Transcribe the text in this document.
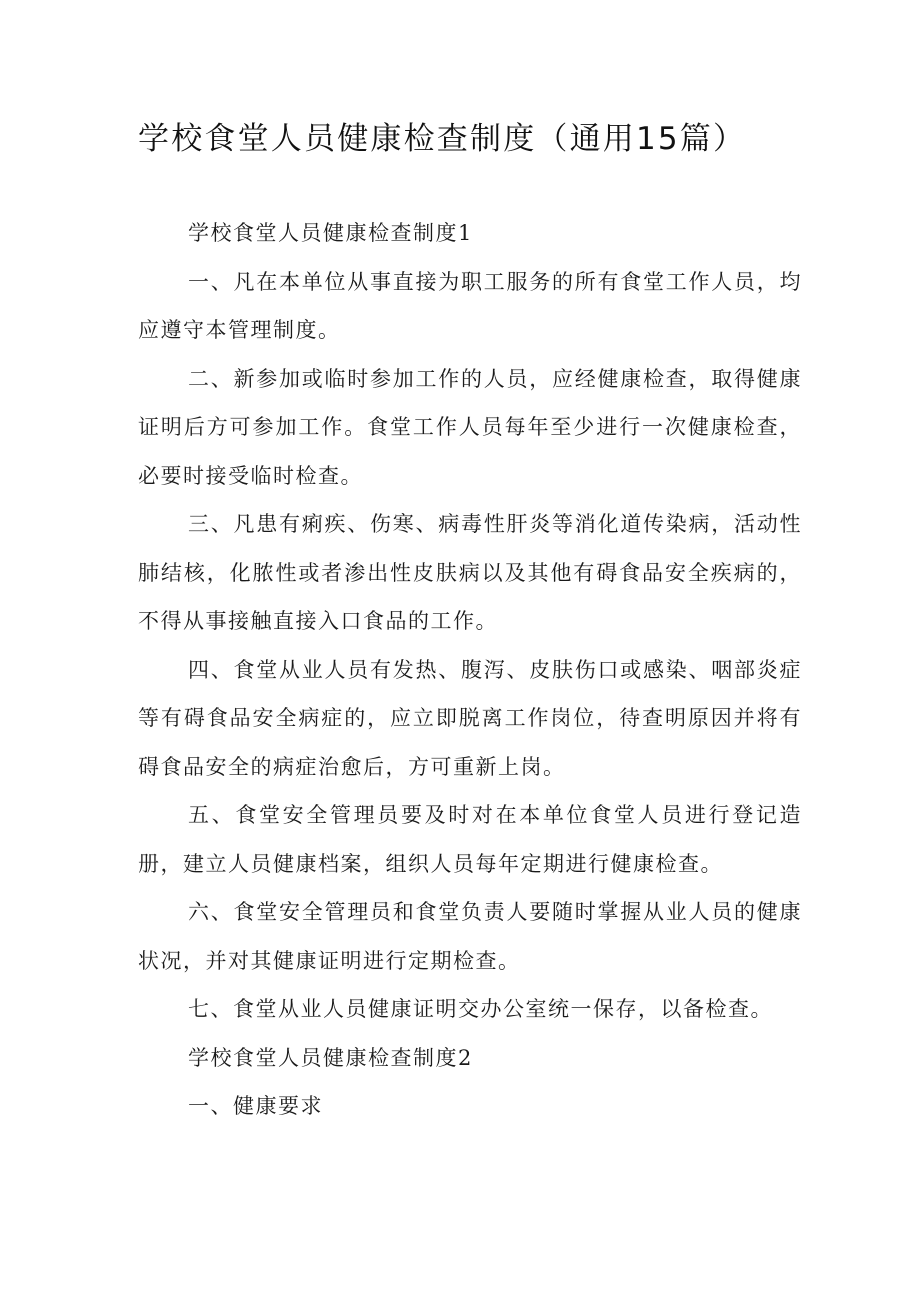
学校食堂人员健康检查制度（通用15篇）

学校食堂人员健康检查制度1

一、凡在本单位从事直接为职工服务的所有食堂工作人员，均应遵守本管理制度。

二、新参加或临时参加工作的人员，应经健康检查，取得健康证明后方可参加工作。食堂工作人员每年至少进行一次健康检查，必要时接受临时检查。

三、凡患有痢疾、伤寒、病毒性肝炎等消化道传染病，活动性肺结核，化脓性或者渗出性皮肤病以及其他有碍食品安全疾病的，不得从事接触直接入口食品的工作。

四、食堂从业人员有发热、腹泻、皮肤伤口或感染、咽部炎症等有碍食品安全病症的，应立即脱离工作岗位，待查明原因并将有碍食品安全的病症治愈后，方可重新上岗。

五、食堂安全管理员要及时对在本单位食堂人员进行登记造册，建立人员健康档案，组织人员每年定期进行健康检查。

六、食堂安全管理员和食堂负责人要随时掌握从业人员的健康状况，并对其健康证明进行定期检查。

七、食堂从业人员健康证明交办公室统一保存，以备检查。

学校食堂人员健康检查制度2

一、健康要求
